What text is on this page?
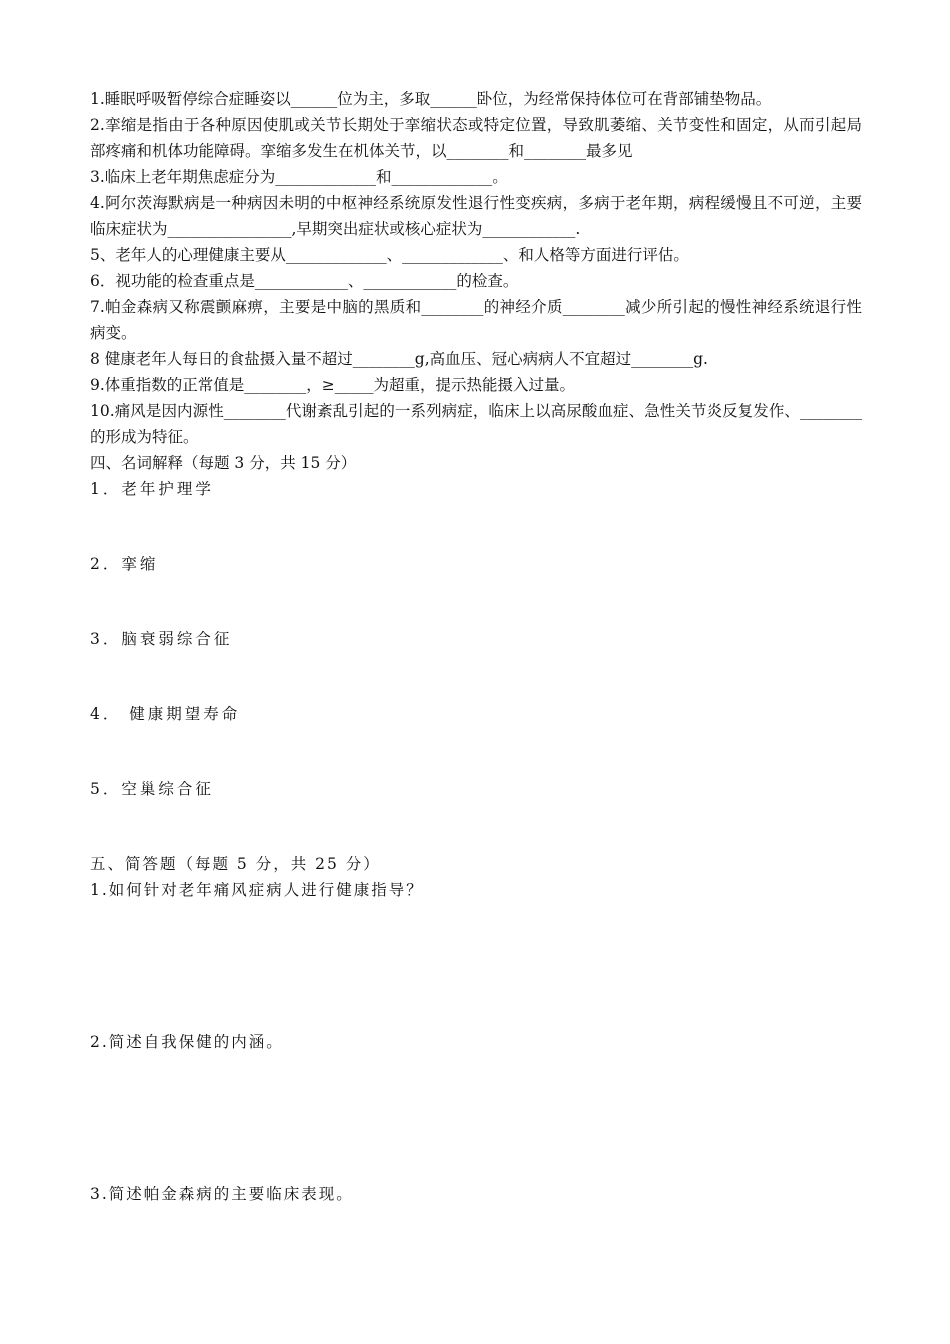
1.睡眠呼吸暂停综合症睡姿以______位为主，多取______卧位，为经常保持体位可在背部铺垫物品。

2.挛缩是指由于各种原因使肌或关节长期处于挛缩状态或特定位置，导致肌萎缩、关节变性和固定，从而引起局部疼痛和机体功能障碍。挛缩多发生在机体关节，以________和________最多见

3.临床上老年期焦虑症分为_____________和_____________。

4.阿尔茨海默病是一种病因未明的中枢神经系统原发性退行性变疾病，多病于老年期，病程缓慢且不可逆，主要临床症状为________________,早期突出症状或核心症状为____________.

5、老年人的心理健康主要从_____________、_____________、和人格等方面进行评估。

6．视功能的检查重点是____________、____________的检查。

7.帕金森病又称震颤麻痹，主要是中脑的黑质和________的神经介质________减少所引起的慢性神经系统退行性病变。

8 健康老年人每日的食盐摄入量不超过________g,高血压、冠心病病人不宜超过________g.

9.体重指数的正常值是________，≥_____为超重，提示热能摄入过量。

10.痛风是因内源性________代谢紊乱引起的一系列病症，临床上以高尿酸血症、急性关节炎反复发作、________的形成为特征。

四、名词解释（每题 3 分，共 15 分）

1．老年护理学

2．挛缩

3．脑衰弱综合征

4． 健康期望寿命

5．空巢综合征

五、简答题（每题 5 分，共 25 分）

1.如何针对老年痛风症病人进行健康指导？

2.简述自我保健的内涵。

3.简述帕金森病的主要临床表现。
